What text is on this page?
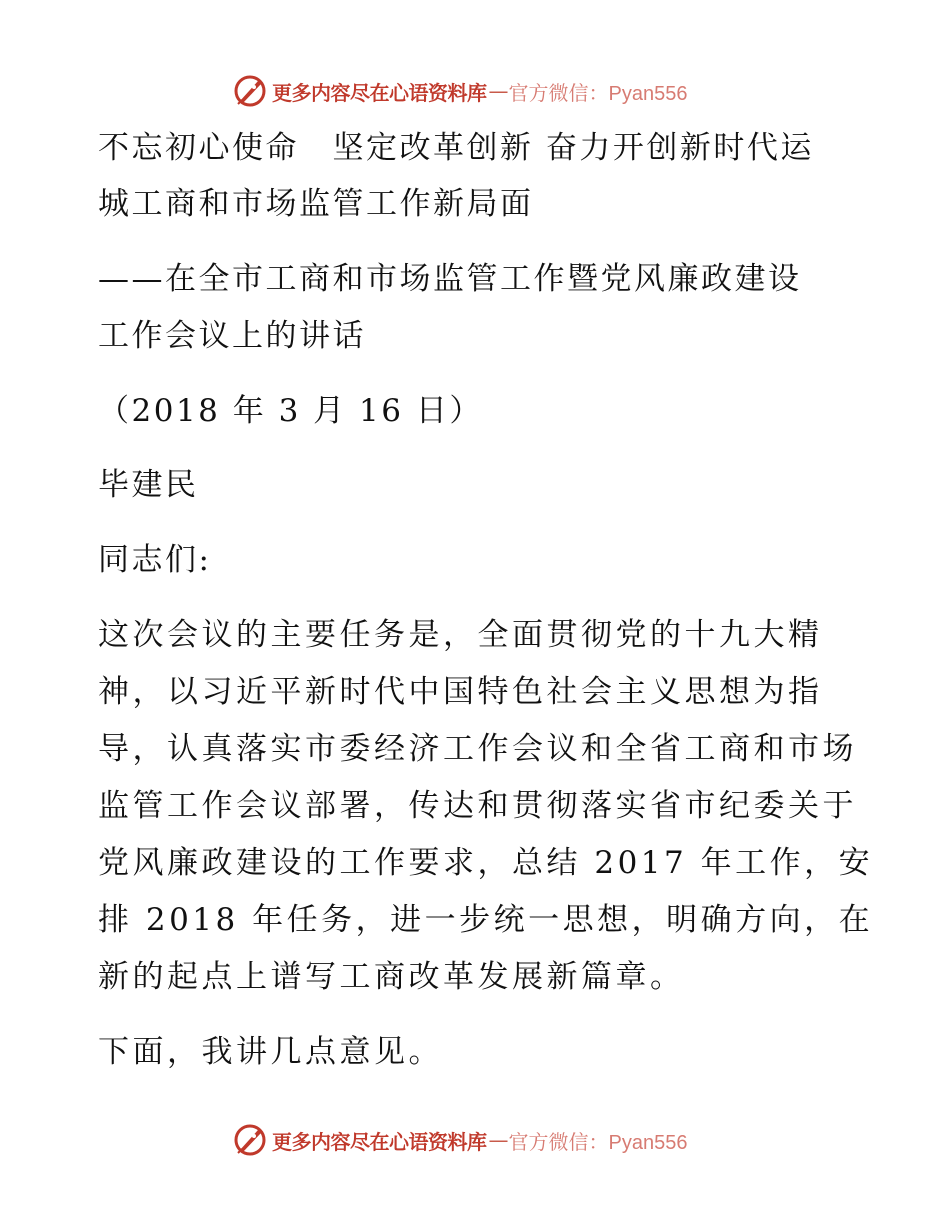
更多内容尽在心语资料库 — 官方微信：Pyan556
不忘初心使命　坚定改革创新 奋力开创新时代运
城工商和市场监管工作新局面
——在全市工商和市场监管工作暨党风廉政建设
工作会议上的讲话
（2018 年 3 月 16 日）
毕建民
同志们:
这次会议的主要任务是，全面贯彻党的十九大精
神，以习近平新时代中国特色社会主义思想为指
导，认真落实市委经济工作会议和全省工商和市场
监管工作会议部署，传达和贯彻落实省市纪委关于
党风廉政建设的工作要求，总结 2017 年工作，安
排 2018 年任务，进一步统一思想，明确方向，在
新的起点上谱写工商改革发展新篇章。
下面，我讲几点意见。
更多内容尽在心语资料库 — 官方微信：Pyan556
